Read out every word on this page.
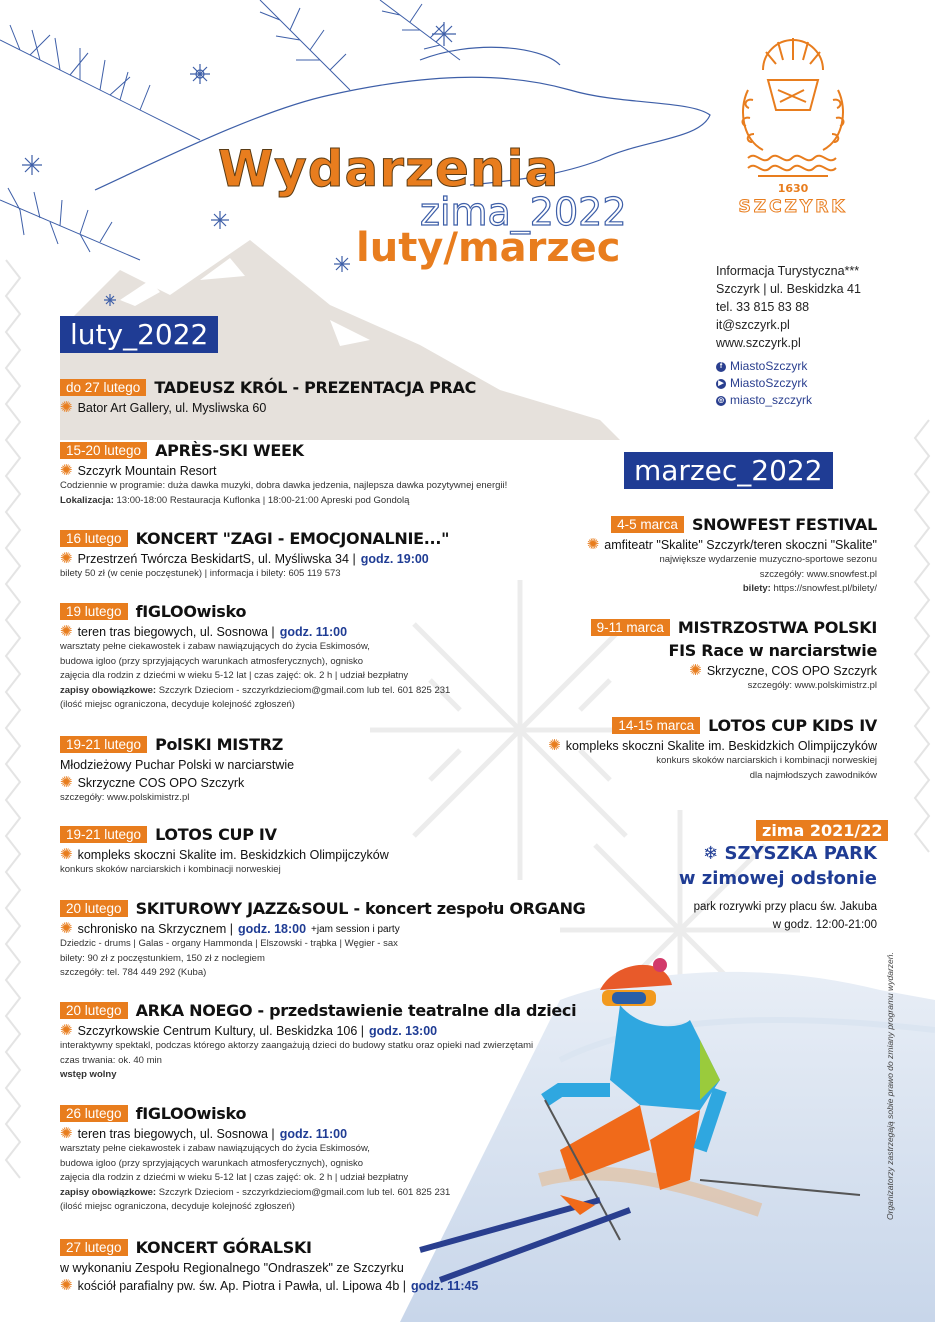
Wydarzenia
zima_2022
luty/marzec
1630
SZCZYRK
Informacja Turystyczna***
Szczyrk | ul. Beskidzka 41
tel. 33 815 83 88
it@szczyrk.pl
www.szczyrk.pl
f MiastoSzczyrk
▶ MiastoSzczyrk
◎ miasto_szczyrk
luty_2022
marzec_2022
do 27 lutego TADEUSZ KRÓL - PREZENTACJA PRAC
✺ Bator Art Gallery, ul. Mysliwska 60
15-20 lutego APRÈS-SKI WEEK
✺ Szczyrk Mountain Resort
Codziennie w programie: duża dawka muzyki, dobra dawka jedzenia, najlepsza dawka pozytywnej energii!
Lokalizacja: 13:00-18:00 Restauracja Kuflonka | 18:00-21:00 Apreski pod Gondolą
16 lutego KONCERT "ZAGI - EMOCJONALNIE..."
✺ Przestrzeń Twórcza BeskidartS, ul. Myśliwska 34 | godz. 19:00
bilety 50 zł (w cenie poczęstunek) | informacja i bilety: 605 119 573
19 lutego fIGLOOwisko
✺ teren tras biegowych, ul. Sosnowa | godz. 11:00
warsztaty pełne ciekawostek i zabaw nawiązujących do życia Eskimosów,
budowa igloo (przy sprzyjających warunkach atmosferycznych), ognisko
zajęcia dla rodzin z dziećmi w wieku 5-12 lat | czas zajęć: ok. 2 h | udział bezpłatny
zapisy obowiązkowe: Szczyrk Dzieciom - szczyrkdzieciom@gmail.com lub tel. 601 825 231
(ilość miejsc ograniczona, decyduje kolejność zgłoszeń)
19-21 lutego PolSKI MISTRZ
Młodzieżowy Puchar Polski w narciarstwie
✺ Skrzyczne COS OPO Szczyrk
szczegóły: www.polskimistrz.pl
19-21 lutego LOTOS CUP IV
✺ kompleks skoczni Skalite im. Beskidzkich Olimpijczyków
konkurs skoków narciarskich i kombinacji norweskiej
20 lutego SKITUROWY JAZZ&SOUL - koncert zespołu ORGANG
✺ schronisko na Skrzycznem | godz. 18:00 +jam session i party
Dziedzic - drums | Galas - organy Hammonda | Elszowski - trąbka | Węgier - sax
bilety: 90 zł z poczęstunkiem, 150 zł z noclegiem
szczegóły: tel. 784 449 292 (Kuba)
20 lutego ARKA NOEGO - przedstawienie teatralne dla dzieci
✺ Szczyrkowskie Centrum Kultury, ul. Beskidzka 106 | godz. 13:00
interaktywny spektakl, podczas którego aktorzy zaangażują dzieci do budowy statku oraz opieki nad zwierzętami
czas trwania: ok. 40 min
wstęp wolny
26 lutego fIGLOOwisko
✺ teren tras biegowych, ul. Sosnowa | godz. 11:00
warsztaty pełne ciekawostek i zabaw nawiązujących do życia Eskimosów,
budowa igloo (przy sprzyjających warunkach atmosferycznych), ognisko
zajęcia dla rodzin z dziećmi w wieku 5-12 lat | czas zajęć: ok. 2 h | udział bezpłatny
zapisy obowiązkowe: Szczyrk Dzieciom - szczyrkdzieciom@gmail.com lub tel. 601 825 231
(ilość miejsc ograniczona, decyduje kolejność zgłoszeń)
27 lutego KONCERT GÓRALSKI
w wykonaniu Zespołu Regionalnego "Ondraszek" ze Szczyrku
✺ kościół parafialny pw. św. Ap. Piotra i Pawła, ul. Lipowa 4b | godz. 11:45
4-5 marca SNOWFEST FESTIVAL
✺ amfiteatr "Skalite" Szczyrk/teren skoczni "Skalite"
największe wydarzenie muzyczno-sportowe sezonu
szczegóły: www.snowfest.pl
bilety: https://snowfest.pl/bilety/
9-11 marca MISTRZOSTWA POLSKI
FIS Race w narciarstwie
✺ Skrzyczne, COS OPO Szczyrk
szczegóły: www.polskimistrz.pl
14-15 marca LOTOS CUP KIDS IV
✺ kompleks skoczni Skalite im. Beskidzkich Olimpijczyków
konkurs skoków narciarskich i kombinacji norweskiej
dla najmłodszych zawodników
zima 2021/22
❄ SZYSZKA PARK
w zimowej odsłonie
park rozrywki przy placu św. Jakuba
w godz. 12:00-21:00
Organizatorzy zastrzegają sobie prawo do zmiany programu wydarzeń.
